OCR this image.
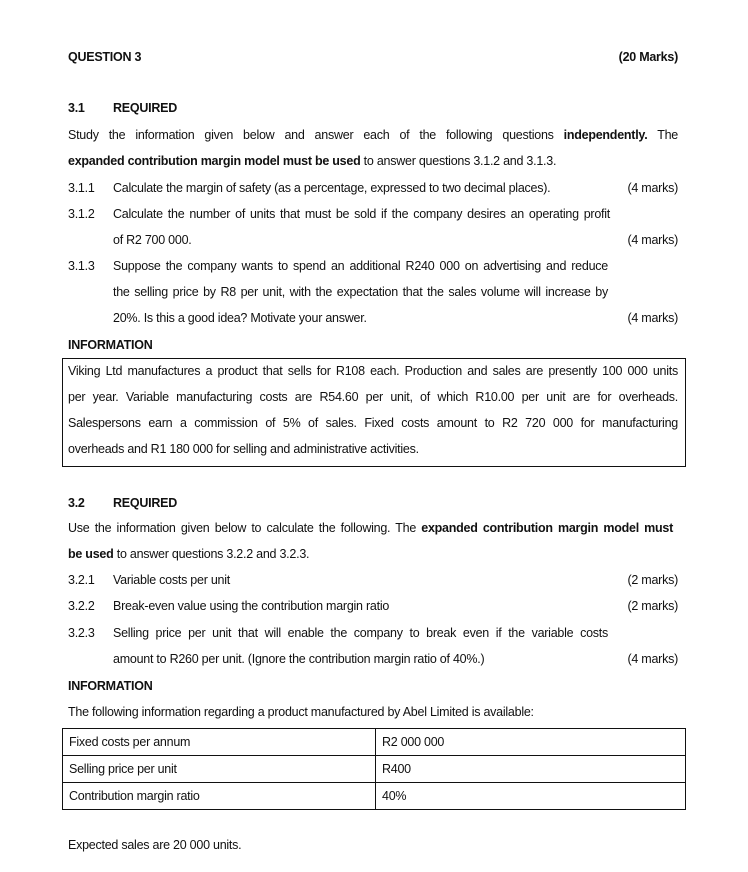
QUESTION 3	(20 Marks)
3.1 REQUIRED
Study the information given below and answer each of the following questions independently. The
expanded contribution margin model must be used to answer questions 3.1.2 and 3.1.3.
3.1.1 Calculate the margin of safety (as a percentage, expressed to two decimal places).	(4 marks)
3.1.2 Calculate the number of units that must be sold if the company desires an operating profit
of R2 700 000.	(4 marks)
3.1.3 Suppose the company wants to spend an additional R240 000 on advertising and reduce
the selling price by R8 per unit, with the expectation that the sales volume will increase by
20%. Is this a good idea? Motivate your answer.	(4 marks)
INFORMATION
Viking Ltd manufactures a product that sells for R108 each. Production and sales are presently 100 000 units
per year. Variable manufacturing costs are R54.60 per unit, of which R10.00 per unit are for overheads.
Salespersons earn a commission of 5% of sales. Fixed costs amount to R2 720 000 for manufacturing
overheads and R1 180 000 for selling and administrative activities.
3.2 REQUIRED
Use the information given below to calculate the following. The expanded contribution margin model must
be used to answer questions 3.2.2 and 3.2.3.
3.2.1 Variable costs per unit	(2 marks)
3.2.2 Break-even value using the contribution margin ratio	(2 marks)
3.2.3 Selling price per unit that will enable the company to break even if the variable costs
amount to R260 per unit. (Ignore the contribution margin ratio of 40%.)	(4 marks)
INFORMATION
The following information regarding a product manufactured by Abel Limited is available:
Fixed costs per annum	R2 000 000
Selling price per unit	R400
Contribution margin ratio	40%
Expected sales are 20 000 units.
